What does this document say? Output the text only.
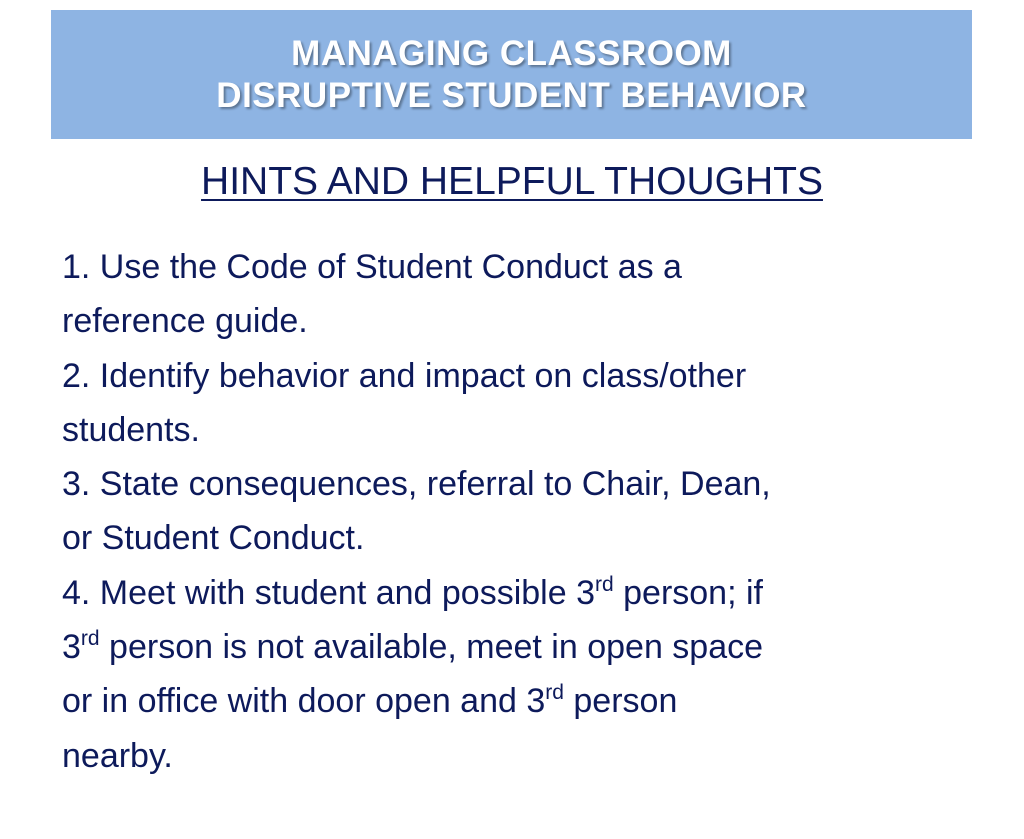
MANAGING CLASSROOM
DISRUPTIVE STUDENT BEHAVIOR
HINTS AND HELPFUL THOUGHTS
1. Use the Code of Student Conduct as a
reference guide.
2. Identify behavior and impact on class/other
students.
3. State consequences, referral to Chair, Dean,
or Student Conduct.
4. Meet with student and possible 3rd person; if
3rd person is not available, meet in open space
or in office with door open and 3rd person
nearby.
